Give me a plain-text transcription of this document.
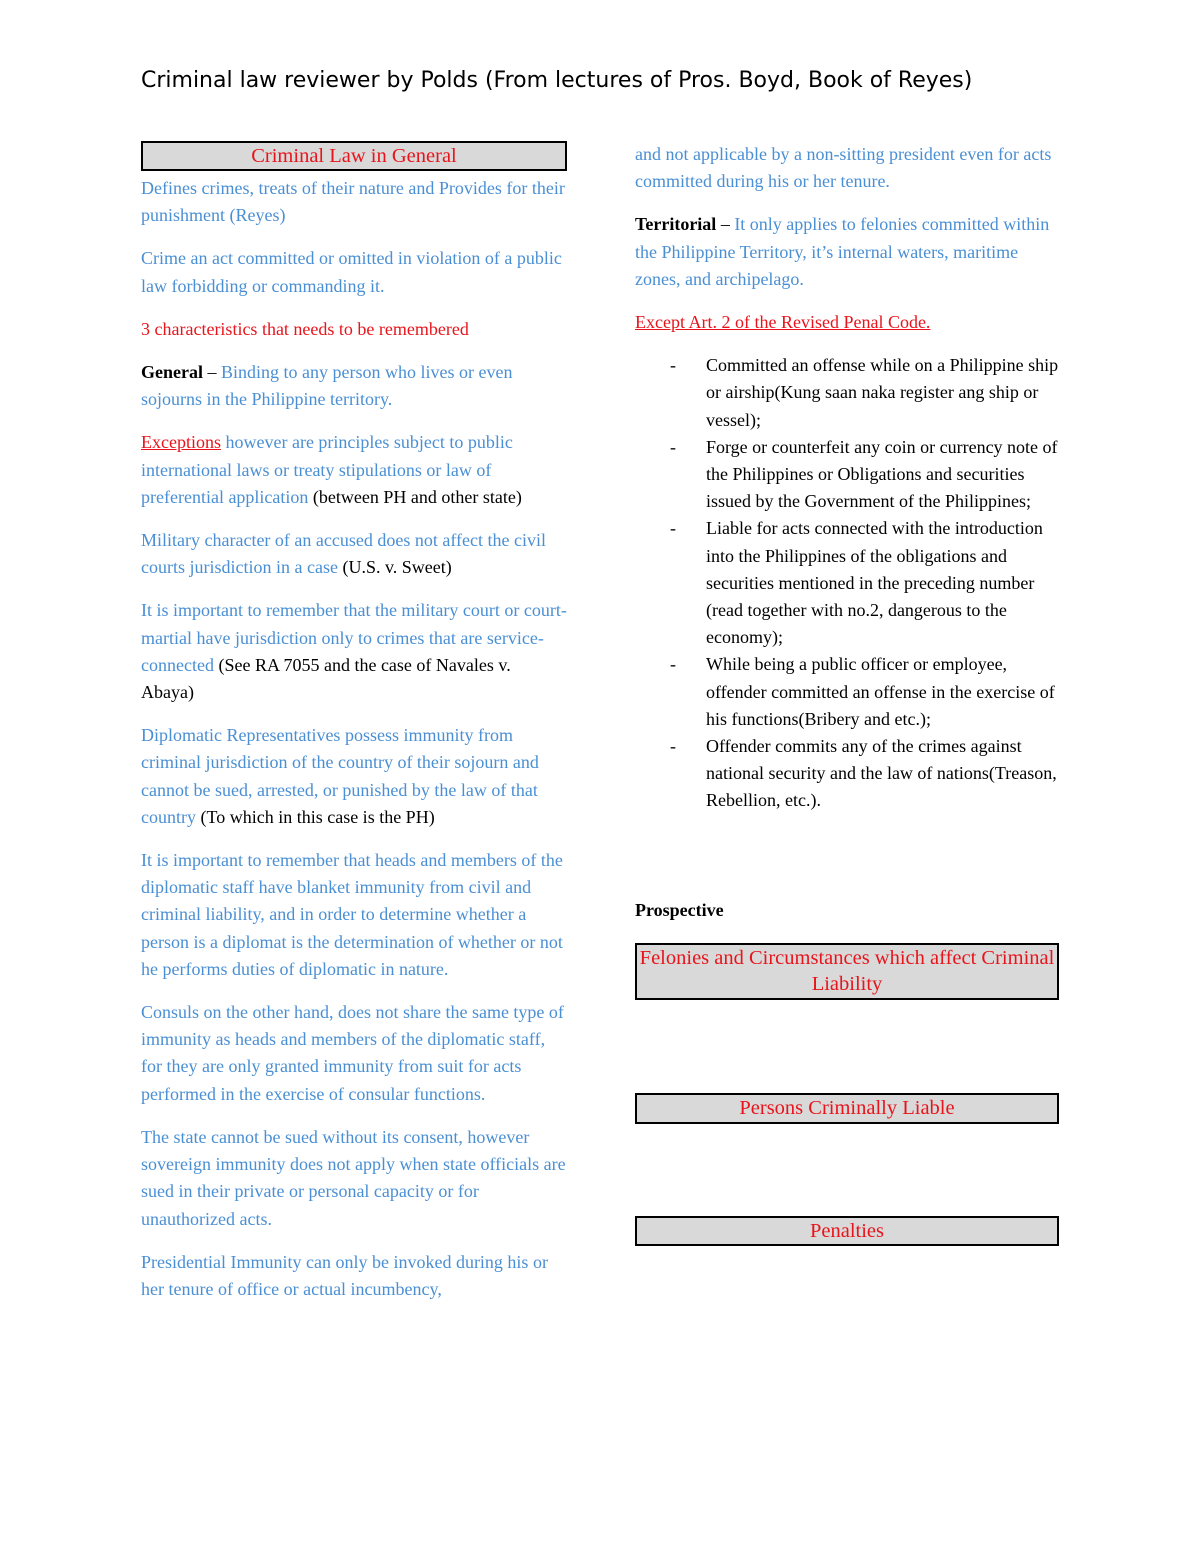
Criminal law reviewer by Polds (From lectures of Pros. Boyd, Book of Reyes)
Criminal Law in General

Defines crimes, treats of their nature and Provides for their punishment (Reyes)

Crime an act committed or omitted in violation of a public law forbidding or commanding it.

3 characteristics that needs to be remembered

General – Binding to any person who lives or even sojourns in the Philippine territory.

Exceptions however are principles subject to public international laws or treaty stipulations or law of preferential application (between PH and other state)

Military character of an accused does not affect the civil courts jurisdiction in a case (U.S. v. Sweet)

It is important to remember that the military court or court-martial have jurisdiction only to crimes that are service-connected (See RA 7055 and the case of Navales v. Abaya)

Diplomatic Representatives possess immunity from criminal jurisdiction of the country of their sojourn and cannot be sued, arrested, or punished by the law of that country (To which in this case is the PH)

It is important to remember that heads and members of the diplomatic staff have blanket immunity from civil and criminal liability, and in order to determine whether a person is a diplomat is the determination of whether or not he performs duties of diplomatic in nature.

Consuls on the other hand, does not share the same type of immunity as heads and members of the diplomatic staff, for they are only granted immunity from suit for acts performed in the exercise of consular functions.

The state cannot be sued without its consent, however sovereign immunity does not apply when state officials are sued in their private or personal capacity or for unauthorized acts.

Presidential Immunity can only be invoked during his or her tenure of office or actual incumbency,

and not applicable by a non-sitting president even for acts committed during his or her tenure.

Territorial – It only applies to felonies committed within the Philippine Territory, it’s internal waters, maritime zones, and archipelago.

Except Art. 2 of the Revised Penal Code.

- Committed an offense while on a Philippine ship or airship(Kung saan naka register ang ship or vessel);
- Forge or counterfeit any coin or currency note of the Philippines or Obligations and securities issued by the Government of the Philippines;
- Liable for acts connected with the introduction into the Philippines of the obligations and securities mentioned in the preceding number (read together with no.2, dangerous to the economy);
- While being a public officer or employee, offender committed an offense in the exercise of his functions(Bribery and etc.);
- Offender commits any of the crimes against national security and the law of nations(Treason, Rebellion, etc.).
Prospective
Felonies and Circumstances which affect Criminal Liability
Persons Criminally Liable
Penalties
